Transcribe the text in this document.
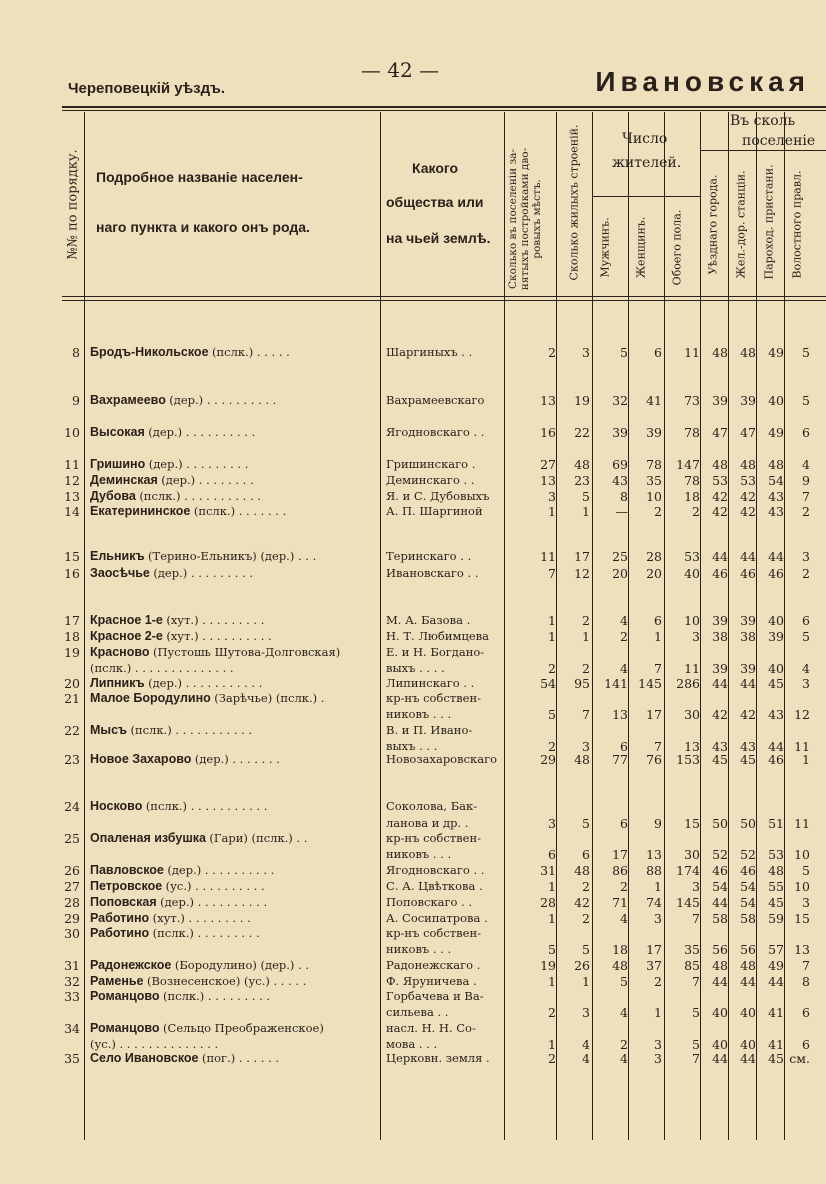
— 42 —
Череповецкій уѣздъ.	Ивановская
№№ по порядку. Подробное названіе населен-
наго пункта и какого онъ рода.
Какого
общества или
на чьей землѣ. Сколько въ поселеніи за-нятыхъ постройками дво-ровыхъ мѣстъ.	Сколько жилыхъ строеній.	Число
жителей.
Мужчинъ. Женщинъ. Обоего пола.
Въ сколь
поселеніе
Уѣзднаго города. Жел.-дор. станціи. Пароход. пристани. Волостного правл.
8 Бродъ-Никольское (пслк.) . . . . .	Шаргиныхъ . .	2	3	5	6	11 48 48 49	5
9 Вахрамеево (дер.) . . . . . . . . . .	Вахрамеевскаго	13	19	32	41	73 39 39 40	5
10 Высокая (дер.) . . . . . . . . . .	Ягодновскаго . .	16	22	39	39	78 47 47 49	6
11 Гришино (дер.) . . . . . . . . .	Гришинскаго .	27	48	69	78	147 48 48 48	4
12 Деминская (дер.) . . . . . . . .	Деминскаго . .	13	23	43	35	78 53 53 54	9
13 Дубова (пслк.) . . . . . . . . . . .	Я. и С. Дубовыхъ	3	5	8	10	18 42 42 43	7
14 Екатерининское (пслк.) . . . . . . .	А. П. Шаргиной	1	1	—	2	2 42 42 43	2
15 Ельникъ (Терино-Ельникъ) (дер.) . . .	Теринскаго . .	11	17	25	28	53 44 44 44	3
16 Заосѣчье (дер.) . . . . . . . . .	Ивановскаго . .	7	12	20	20	40 46 46 46	2
17 Красное 1-е (хут.) . . . . . . . . .	М. А. Базова .	1	2	4	6	10 39 39 40	6
18 Красное 2-е (хут.) . . . . . . . . . .	Н. Т. Любимцева	1	1	2	1	3 38 38 39	5
19 Красново (Пустошь Шутова-Долговская)	Е. и Н. Богдано-
(пслк.) . . . . . . . . . . . . . .	выхъ . . . .	2	2	4	7	11 39 39 40	4
20 Липникъ (дер.) . . . . . . . . . . .	Липинскаго . .	54	95	141 145	286 44 44 45	3
21 Малое Бородулино (Зарѣчье) (пслк.) .	кр-нъ собствен-
никовъ . . .	5	7	13	17	30 42 42 43 12
22 Мысъ (пслк.) . . . . . . . . . . .	В. и П. Ивано-
выхъ . . .	2	3	6	7	13 43 43 44 11
23 Новое Захарово (дер.) . . . . . . .	Новозахаровскаго	29	48	77	76	153 45 45 46	1
24 Носково (пслк.) . . . . . . . . . . .	Соколова, Бак-
ланова и др. .	3	5	6	9	15 50 50 51 11
25 Опаленая избушка (Гари) (пслк.) . .	кр-нъ собствен-
никовъ . . .	6	6	17	13	30 52 52 53 10
26 Павловское (дер.) . . . . . . . . . .	Ягодновскаго . .	31	48	86	88	174 46 46 48	5
27 Петровское (ус.) . . . . . . . . . .	С. А. Цвѣткова .	1	2	2	1	3 54 54 55 10
28 Поповская (дер.) . . . . . . . . . .	Поповскаго . .	28	42	71	74	145 44 54 45	3
29 Работино (хут.) . . . . . . . . .	А. Сосипатрова .	1	2	4	3	7 58 58 59 15
30 Работино (пслк.) . . . . . . . . .	кр-нъ собствен-
никовъ . . .	5	5	18	17	35 56 56 57 13
31 Радонежское (Бородулино) (дер.) . .	Радонежскаго .	19	26	48	37	85 48 48 49	7
32 Раменье (Вознесенское) (ус.) . . . . .	Ф. Яруничева .	1	1	5	2	7 44 44 44	8
33 Романцово (пслк.) . . . . . . . . .	Горбачева и Ва-
сильева . .	2	3	4	1	5 40 40 41	6
34 Романцово (Сельцо Преображенское)	насл. Н. Н. Со-
(ус.) . . . . . . . . . . . . . .	мова . . .	1	4	2	3	5 40 40 41	6
35 Село Ивановское (пог.) . . . . . .	Церковн. земля .	2	4	4	3	7 44 44 45 см.
